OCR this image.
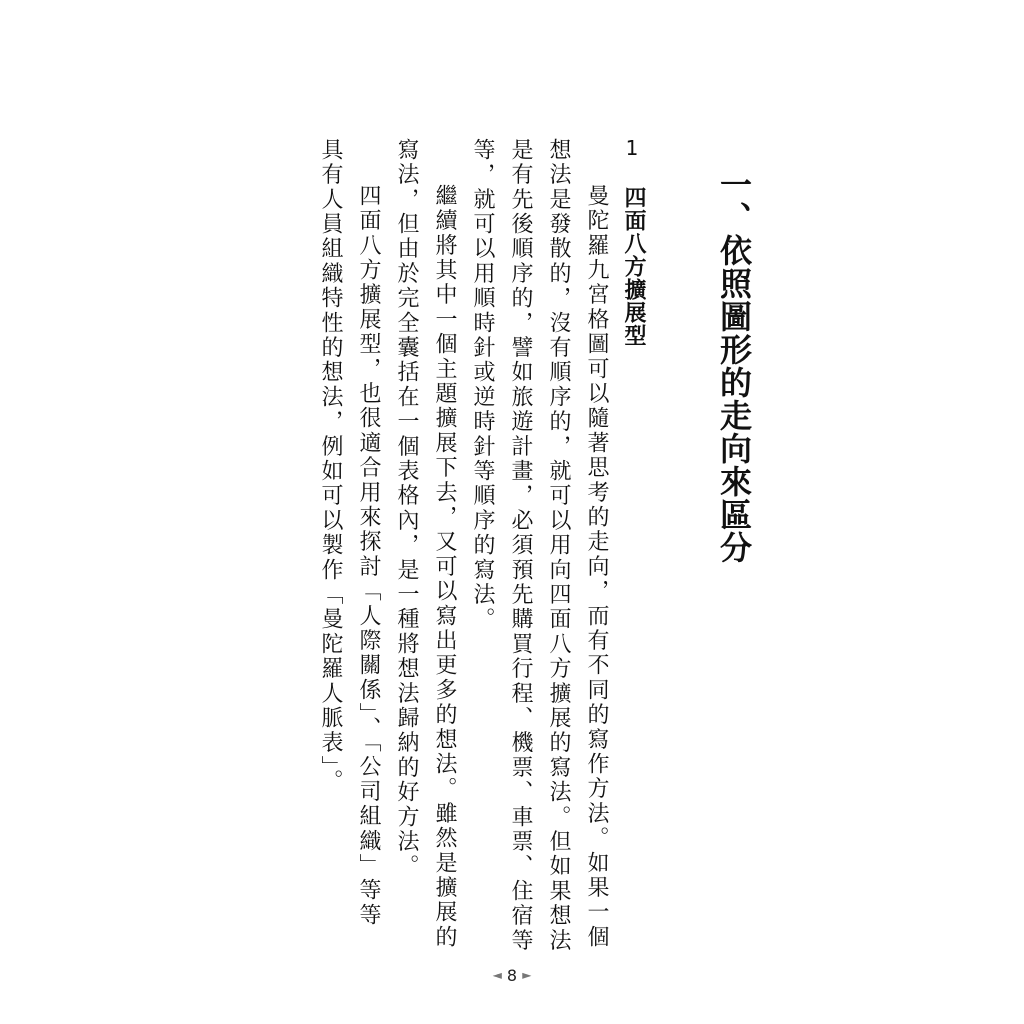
一、依照圖形的走向來區分
1
四面八方擴展型

曼陀羅九宮格圖可以隨著思考的走向，而有不同的寫作方法。如果一個

想法是發散的，沒有順序的，就可以用向四面八方擴展的寫法。但如果想法

是有先後順序的，譬如旅遊計畫，必須預先購買行程、機票、車票、住宿等

等，就可以用順時針或逆時針等順序的寫法。

繼續將其中一個主題擴展下去，又可以寫出更多的想法。雖然是擴展的

寫法，但由於完全囊括在一個表格內，是一種將想法歸納的好方法。

四面八方擴展型，也很適合用來探討「人際關係」、「公司組織」等等

具有人員組織特性的想法，例如可以製作「曼陀羅人脈表」。

◄ 8 ►
